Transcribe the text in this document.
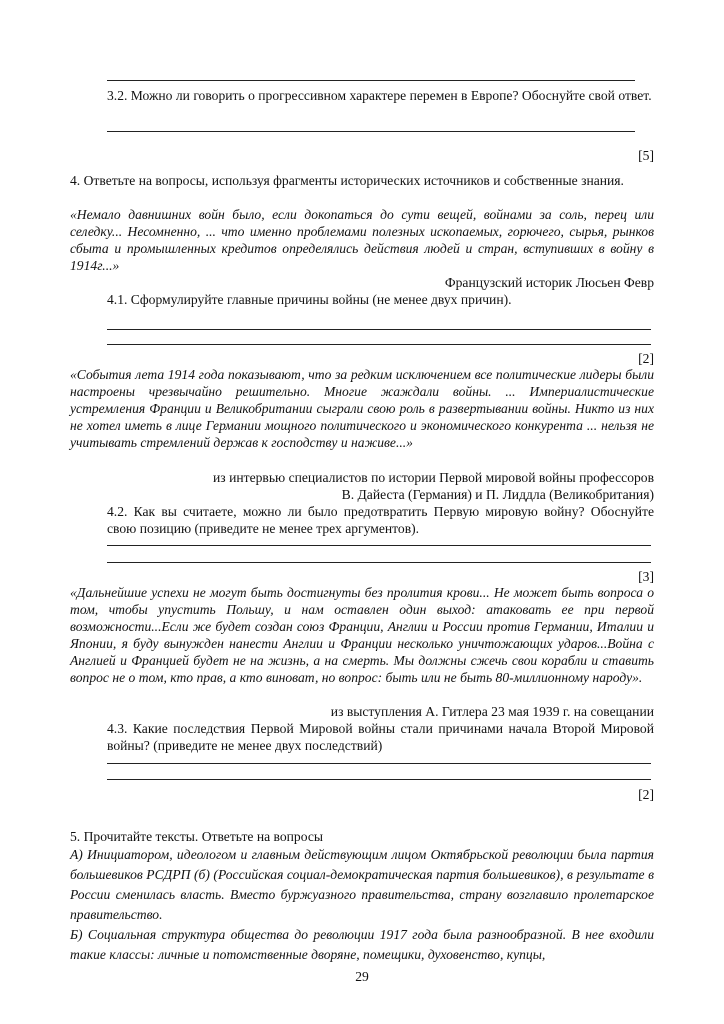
3.2. Можно ли говорить о прогрессивном характере перемен в Европе? Обоснуйте свой ответ.

[5]

4. Ответьте на вопросы, используя фрагменты исторических источников и собственные знания.

«Немало давнишних войн было, если докопаться до сути вещей, войнами за соль, перец или селедку... Несомненно, ... что именно проблемами полезных ископаемых, горючего, сырья, рынков сбыта и промышленных кредитов определялись действия людей и стран, вступивших в войну в 1914г...»

Французский историк Люсьен Февр

4.1. Сформулируйте главные причины войны (не менее двух причин).

[2]

«События лета 1914 года показывают, что за редким исключением все политические лидеры были настроены чрезвычайно решительно. Многие жаждали войны. ... Империалистические устремления Франции и Великобритании сыграли свою роль в развертывании войны. Никто из них не хотел иметь в лице Германии мощного политического и экономического конкурента ... нельзя не учитывать стремлений держав к господству и наживе...»

из интервью специалистов по истории Первой мировой войны профессоров

В. Дайеста (Германия) и П. Лиддла (Великобритания)

4.2. Как вы считаете, можно ли было предотвратить Первую мировую войну? Обоснуйте свою позицию (приведите не менее трех аргументов).

[3]

«Дальнейшие успехи не могут быть достигнуты без пролития крови... Не может быть вопроса о том, чтобы упустить Польшу, и нам оставлен один выход: атаковать ее при первой возможности...Если же будет создан союз Франции, Англии и России против Германии, Италии и Японии, я буду вынужден нанести Англии и Франции несколько уничтожающих ударов...Война с Англией и Францией будет не на жизнь, а на смерть. Мы должны сжечь свои корабли и ставить вопрос не о том, кто прав, а кто виноват, но вопрос: быть или не быть 80-миллионному народу».

из выступления А. Гитлера 23 мая 1939 г. на совещании

4.3. Какие последствия Первой Мировой войны стали причинами начала Второй Мировой войны? (приведите не менее двух последствий)

[2]

5. Прочитайте тексты. Ответьте на вопросы

А) Инициатором, идеологом и главным действующим лицом Октябрьской революции была партия большевиков РСДРП (б) (Российская социал-демократическая партия большевиков), в результате в России сменилась власть. Вместо буржуазного правительства, страну возглавило пролетарское правительство.

Б) Социальная структура общества до революции 1917 года была разнообразной. В нее входили такие классы: личные и потомственные дворяне, помещики, духовенство, купцы,

29
